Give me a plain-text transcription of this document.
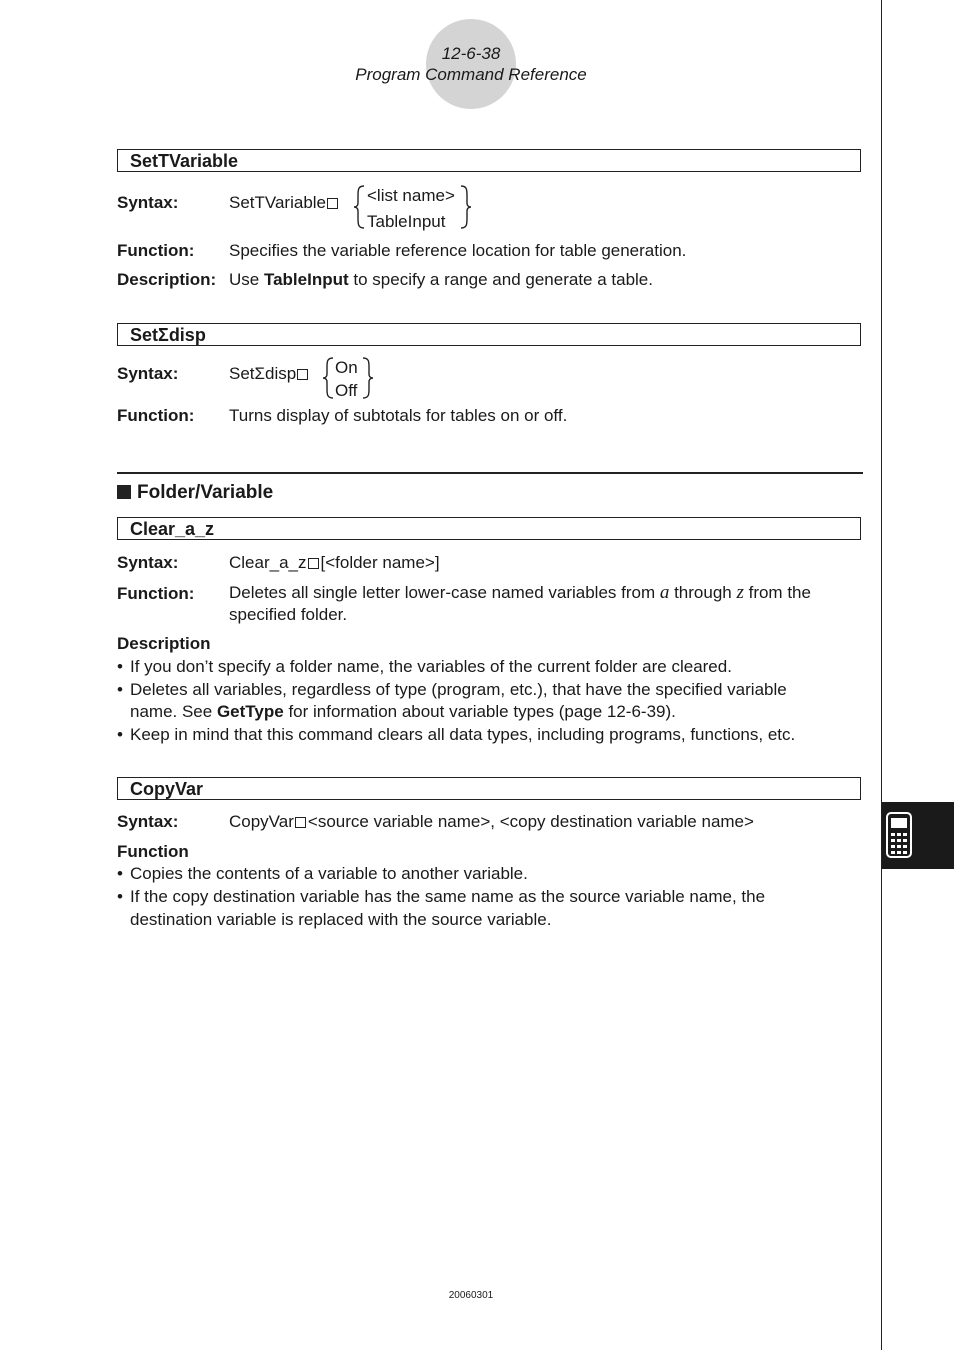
12-6-38
Program Command Reference
SetTVariable
Syntax:	SetTVariable	<list name>
TableInput
Function: Specifies the variable reference location for table generation.
Description: Use TableInput to specify a range and generate a table.
SetΣdisp
Syntax:	SetΣdisp	On
Off
Function: Turns display of subtotals for tables on or off.
Folder/Variable
Clear_a_z
Syntax:	Clear_a_z [<folder name>]
Function: Deletes all single letter lower-case named variables from a through z from the
specified folder.
Description
• If you don’t specify a folder name, the variables of the current folder are cleared.
• Deletes all variables, regardless of type (program, etc.), that have the specified variable
name. See GetType for information about variable types (page 12-6-39).
• Keep in mind that this command clears all data types, including programs, functions, etc.
CopyVar
Syntax:	CopyVar <source variable name>, <copy destination variable name>
Function
• Copies the contents of a variable to another variable.
• If the copy destination variable has the same name as the source variable name, the
destination variable is replaced with the source variable.
20060301
